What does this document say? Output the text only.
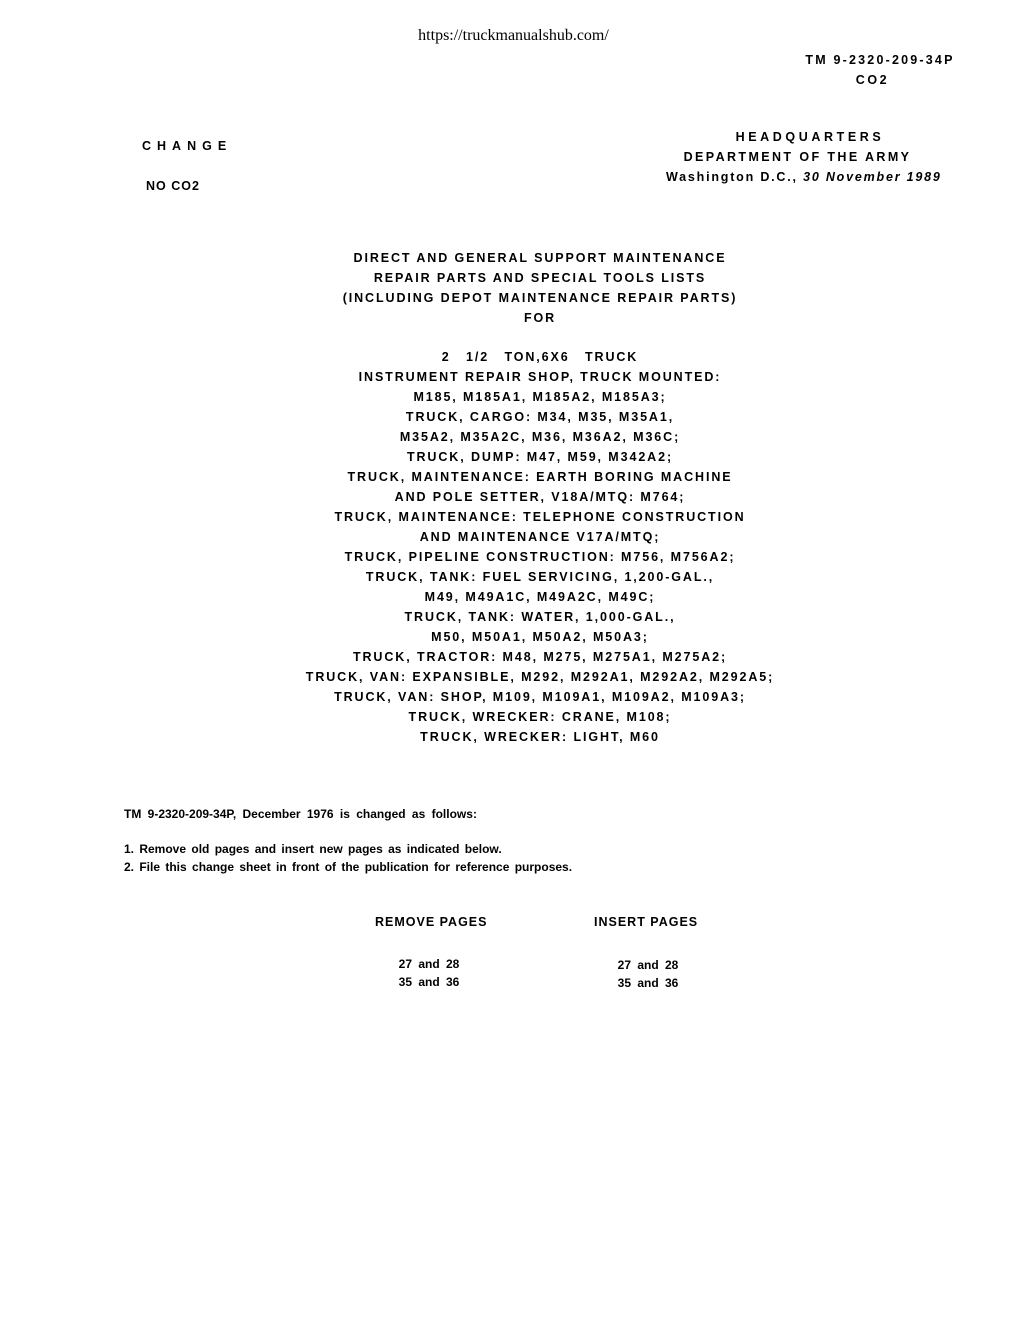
https://truckmanualshub.com/
TM 9-2320-209-34P
CO2
CHANGE
NO CO2
HEADQUARTERS
DEPARTMENT OF THE ARMY
Washington D.C., 30 November 1989
DIRECT AND GENERAL SUPPORT MAINTENANCE
REPAIR PARTS AND SPECIAL TOOLS LISTS
(INCLUDING DEPOT MAINTENANCE REPAIR PARTS)
FOR
2 1/2 TON,6X6 TRUCK
INSTRUMENT REPAIR SHOP, TRUCK MOUNTED:
M185, M185A1, M185A2, M185A3;
TRUCK, CARGO: M34, M35, M35A1,
M35A2, M35A2C, M36, M36A2, M36C;
TRUCK, DUMP: M47, M59, M342A2;
TRUCK, MAINTENANCE: EARTH BORING MACHINE
AND POLE SETTER, V18A/MTQ: M764;
TRUCK, MAINTENANCE: TELEPHONE CONSTRUCTION
AND MAINTENANCE V17A/MTQ;
TRUCK, PIPELINE CONSTRUCTION: M756, M756A2;
TRUCK, TANK: FUEL SERVICING, 1,200-GAL.,
M49, M49A1C, M49A2C, M49C;
TRUCK, TANK: WATER, 1,000-GAL.,
M50, M50A1, M50A2, M50A3;
TRUCK, TRACTOR: M48, M275, M275A1, M275A2;
TRUCK, VAN: EXPANSIBLE, M292, M292A1, M292A2, M292A5;
TRUCK, VAN: SHOP, M109, M109A1, M109A2, M109A3;
TRUCK, WRECKER: CRANE, M108;
TRUCK, WRECKER: LIGHT, M60
TM 9-2320-209-34P, December 1976 is changed as follows:
1. Remove old pages and insert new pages as indicated below.
2. File this change sheet in front of the publication for reference purposes.
REMOVE PAGES	INSERT PAGES
27 and 28
35 and 36
27 and 28
35 and 36
